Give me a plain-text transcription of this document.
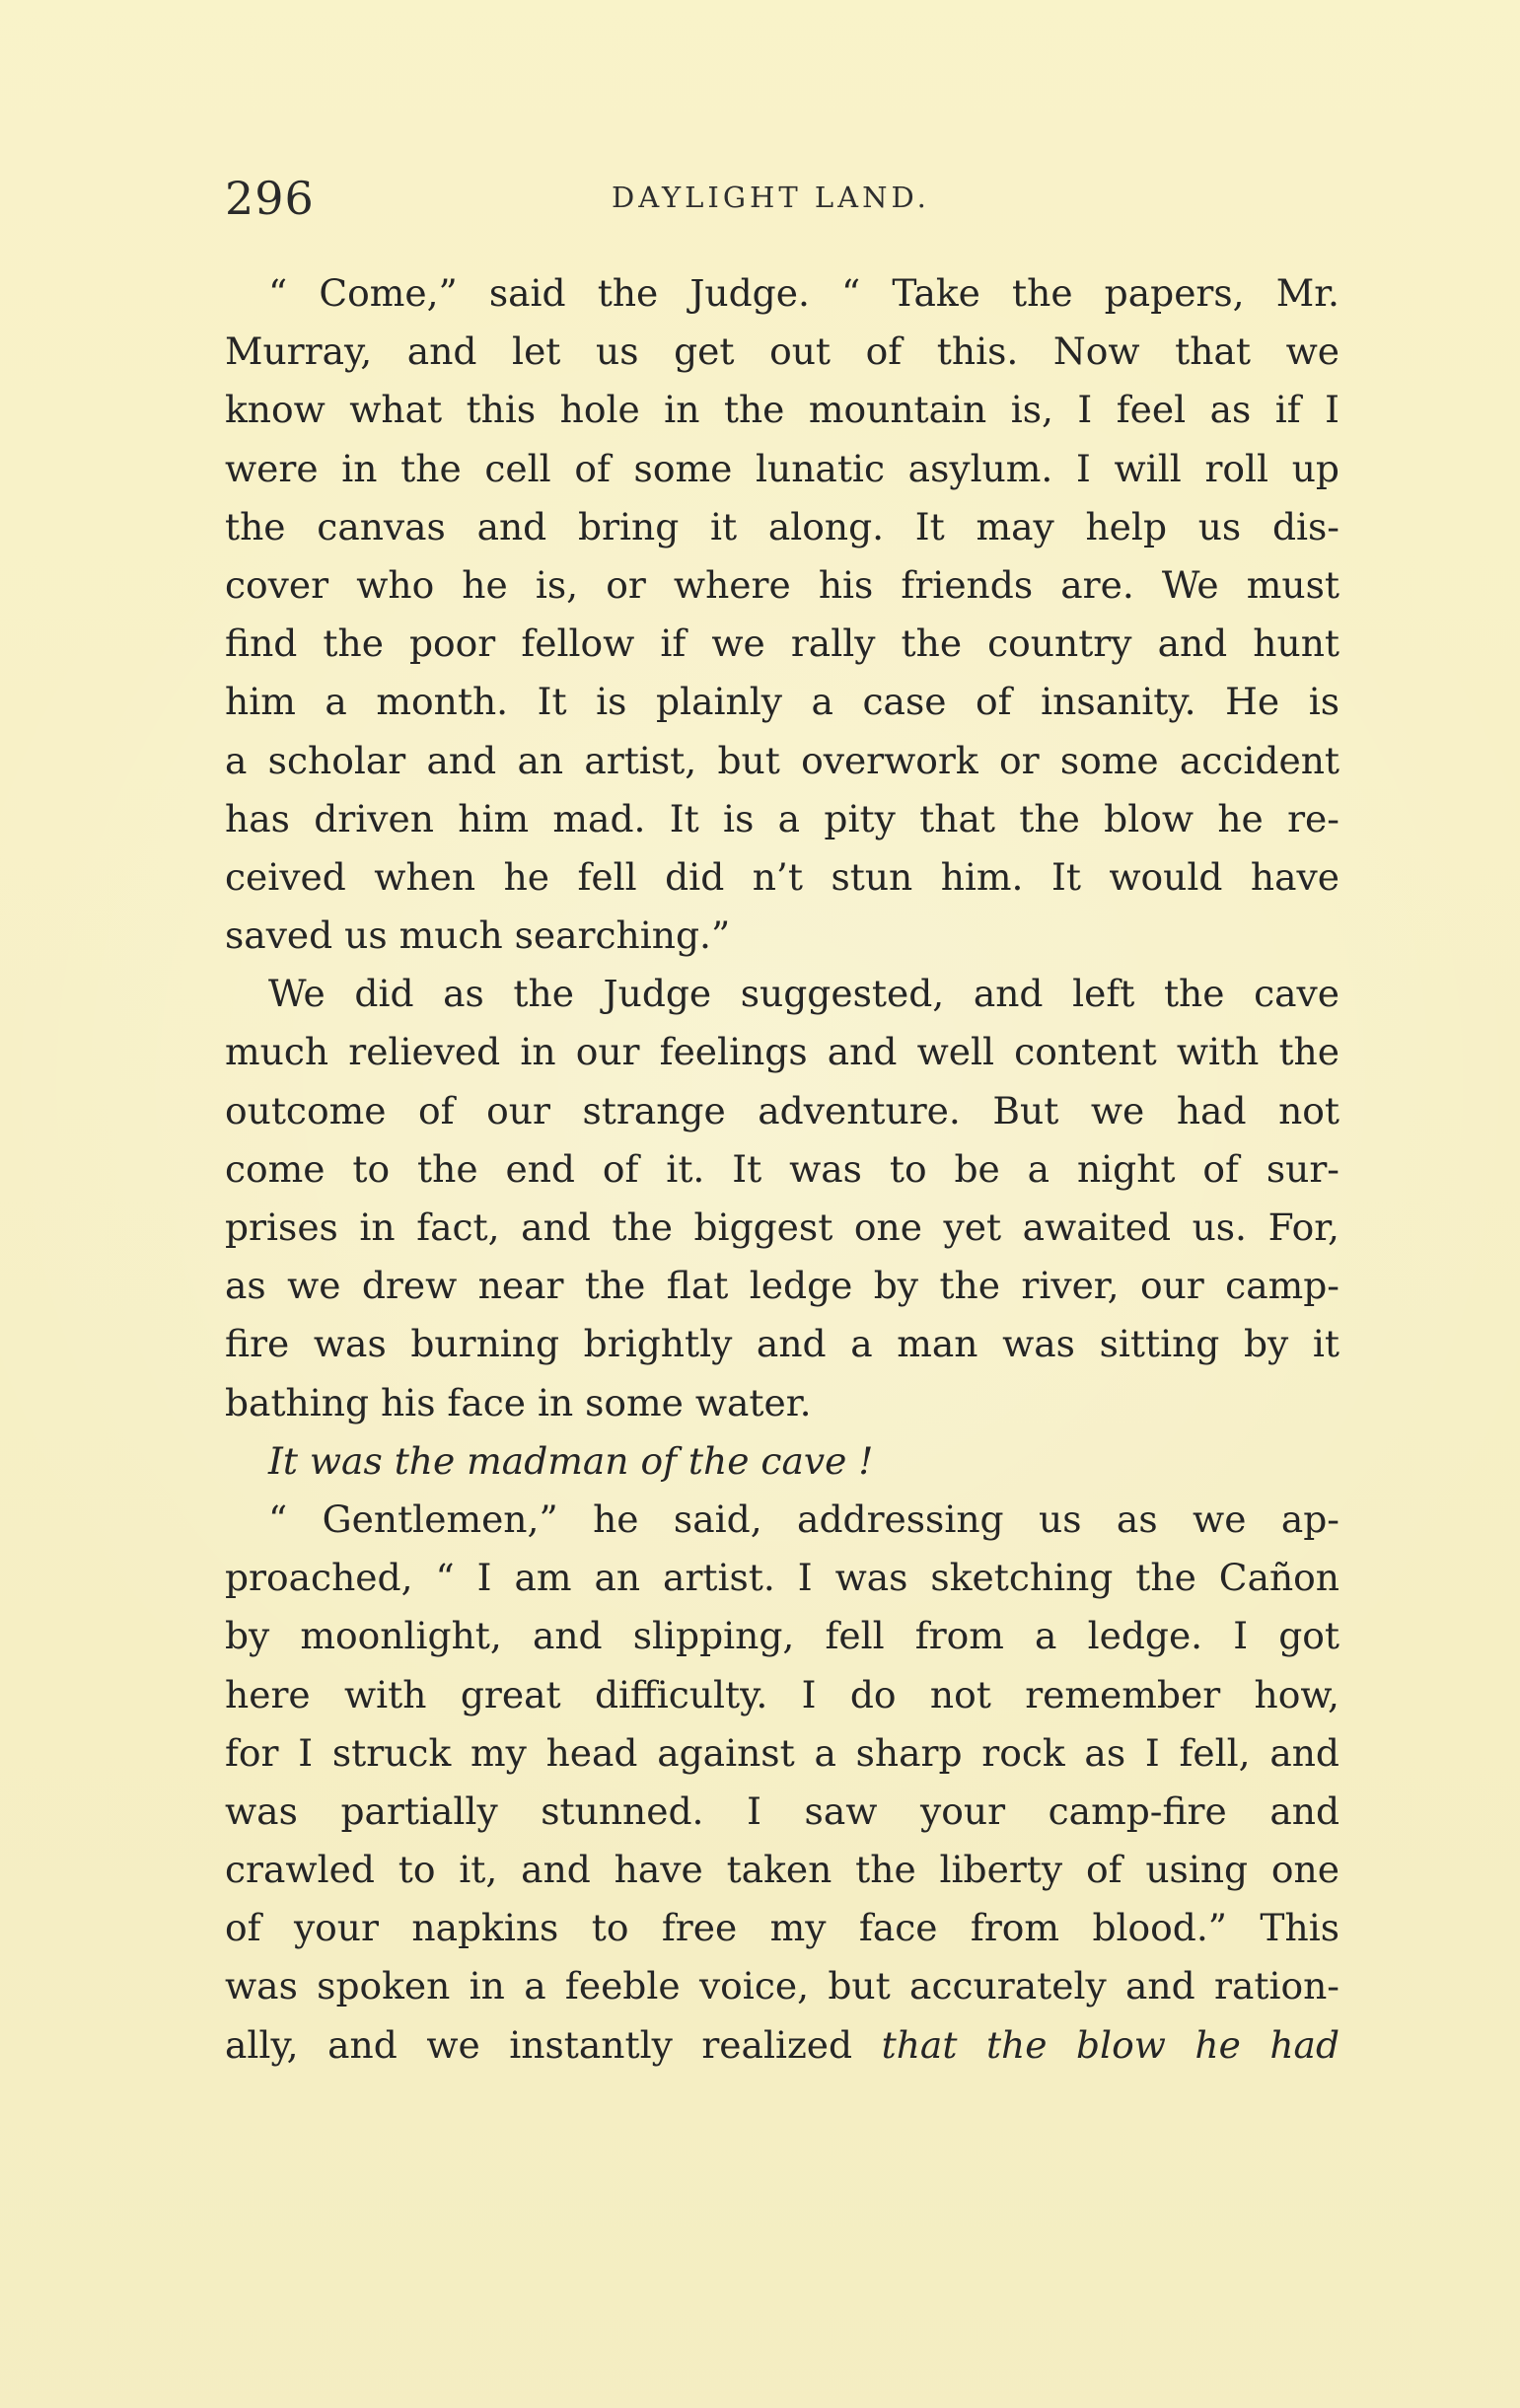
296	DAYLIGHT LAND.
“ Come,” said the Judge. “ Take the papers, Mr.
Murray, and let us get out of this. Now that we
know what this hole in the mountain is, I feel as if I
were in the cell of some lunatic asylum. I will roll up
the canvas and bring it along. It may help us dis-
cover who he is, or where his friends are. We must
find the poor fellow if we rally the country and hunt
him a month. It is plainly a case of insanity. He is
a scholar and an artist, but overwork or some accident
has driven him mad. It is a pity that the blow he re-
ceived when he fell did n’t stun him. It would have
saved us much searching.”
We did as the Judge suggested, and left the cave
much relieved in our feelings and well content with the
outcome of our strange adventure. But we had not
come to the end of it. It was to be a night of sur-
prises in fact, and the biggest one yet awaited us. For,
as we drew near the flat ledge by the river, our camp-
fire was burning brightly and a man was sitting by it
bathing his face in some water.
It was the madman of the cave !
“ Gentlemen,” he said, addressing us as we ap-
proached, “ I am an artist. I was sketching the Cañon
by moonlight, and slipping, fell from a ledge. I got
here with great difficulty. I do not remember how,
for I struck my head against a sharp rock as I fell, and
was partially stunned. I saw your camp-fire and
crawled to it, and have taken the liberty of using one
of your napkins to free my face from blood.” This
was spoken in a feeble voice, but accurately and ration-
ally, and we instantly realized that the blow he had
